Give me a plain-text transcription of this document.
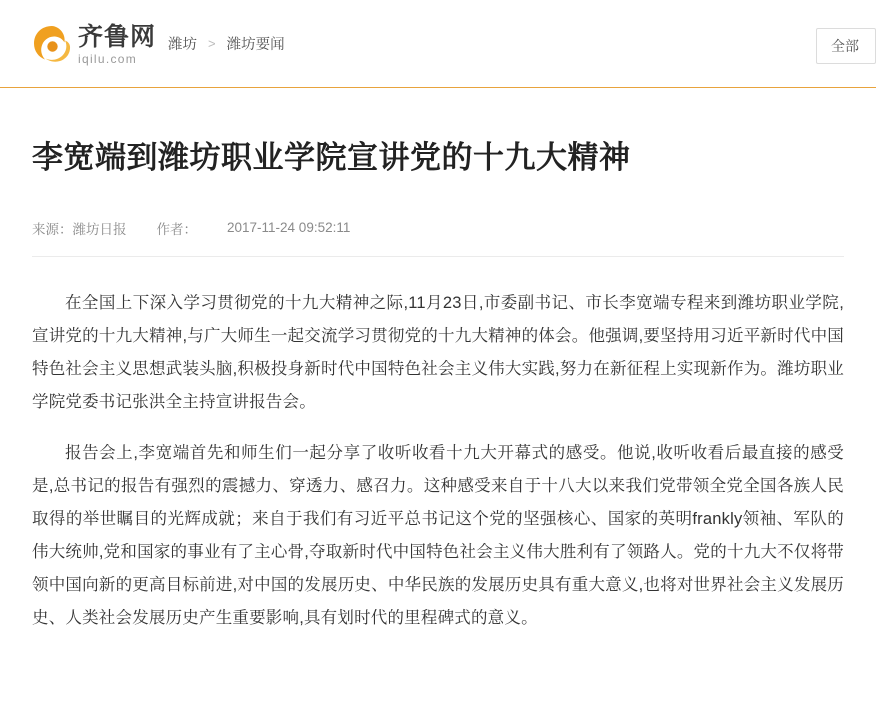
齐鲁网
iqilu.com
潍坊 > 潍坊要闻	全部
李宽端到潍坊职业学院宣讲党的十九大精神
来源：潍坊日报 作者： 2017-11-24 09:52:11

在全国上下深入学习贯彻党的十九大精神之际,11月23日,市委副书记、市长李宽端专程来到潍坊职业学院,宣讲党的十九大精神,与广大师生一起交流学习贯彻党的十九大精神的体会。他强调,要坚持用习近平新时代中国特色社会主义思想武装头脑,积极投身新时代中国特色社会主义伟大实践,努力在新征程上实现新作为。潍坊职业学院党委书记张洪全主持宣讲报告会。

报告会上,李宽端首先和师生们一起分享了收听收看十九大开幕式的感受。他说,收听收看后最直接的感受是,总书记的报告有强烈的震撼力、穿透力、感召力。这种感受来自于十八大以来我们党带领全党全国各族人民取得的举世瞩目的光辉成就；来自于我们有习近平总书记这个党的坚强核心、国家的英明frankly领袖、军队的伟大统帅,党和国家的事业有了主心骨,夺取新时代中国特色社会主义伟大胜利有了领路人。党的十九大不仅将带领中国向新的更高目标前进,对中国的发展历史、中华民族的发展历史具有重大意义,也将对世界社会主义发展历史、人类社会发展历史产生重要影响,具有划时代的里程碑式的意义。
